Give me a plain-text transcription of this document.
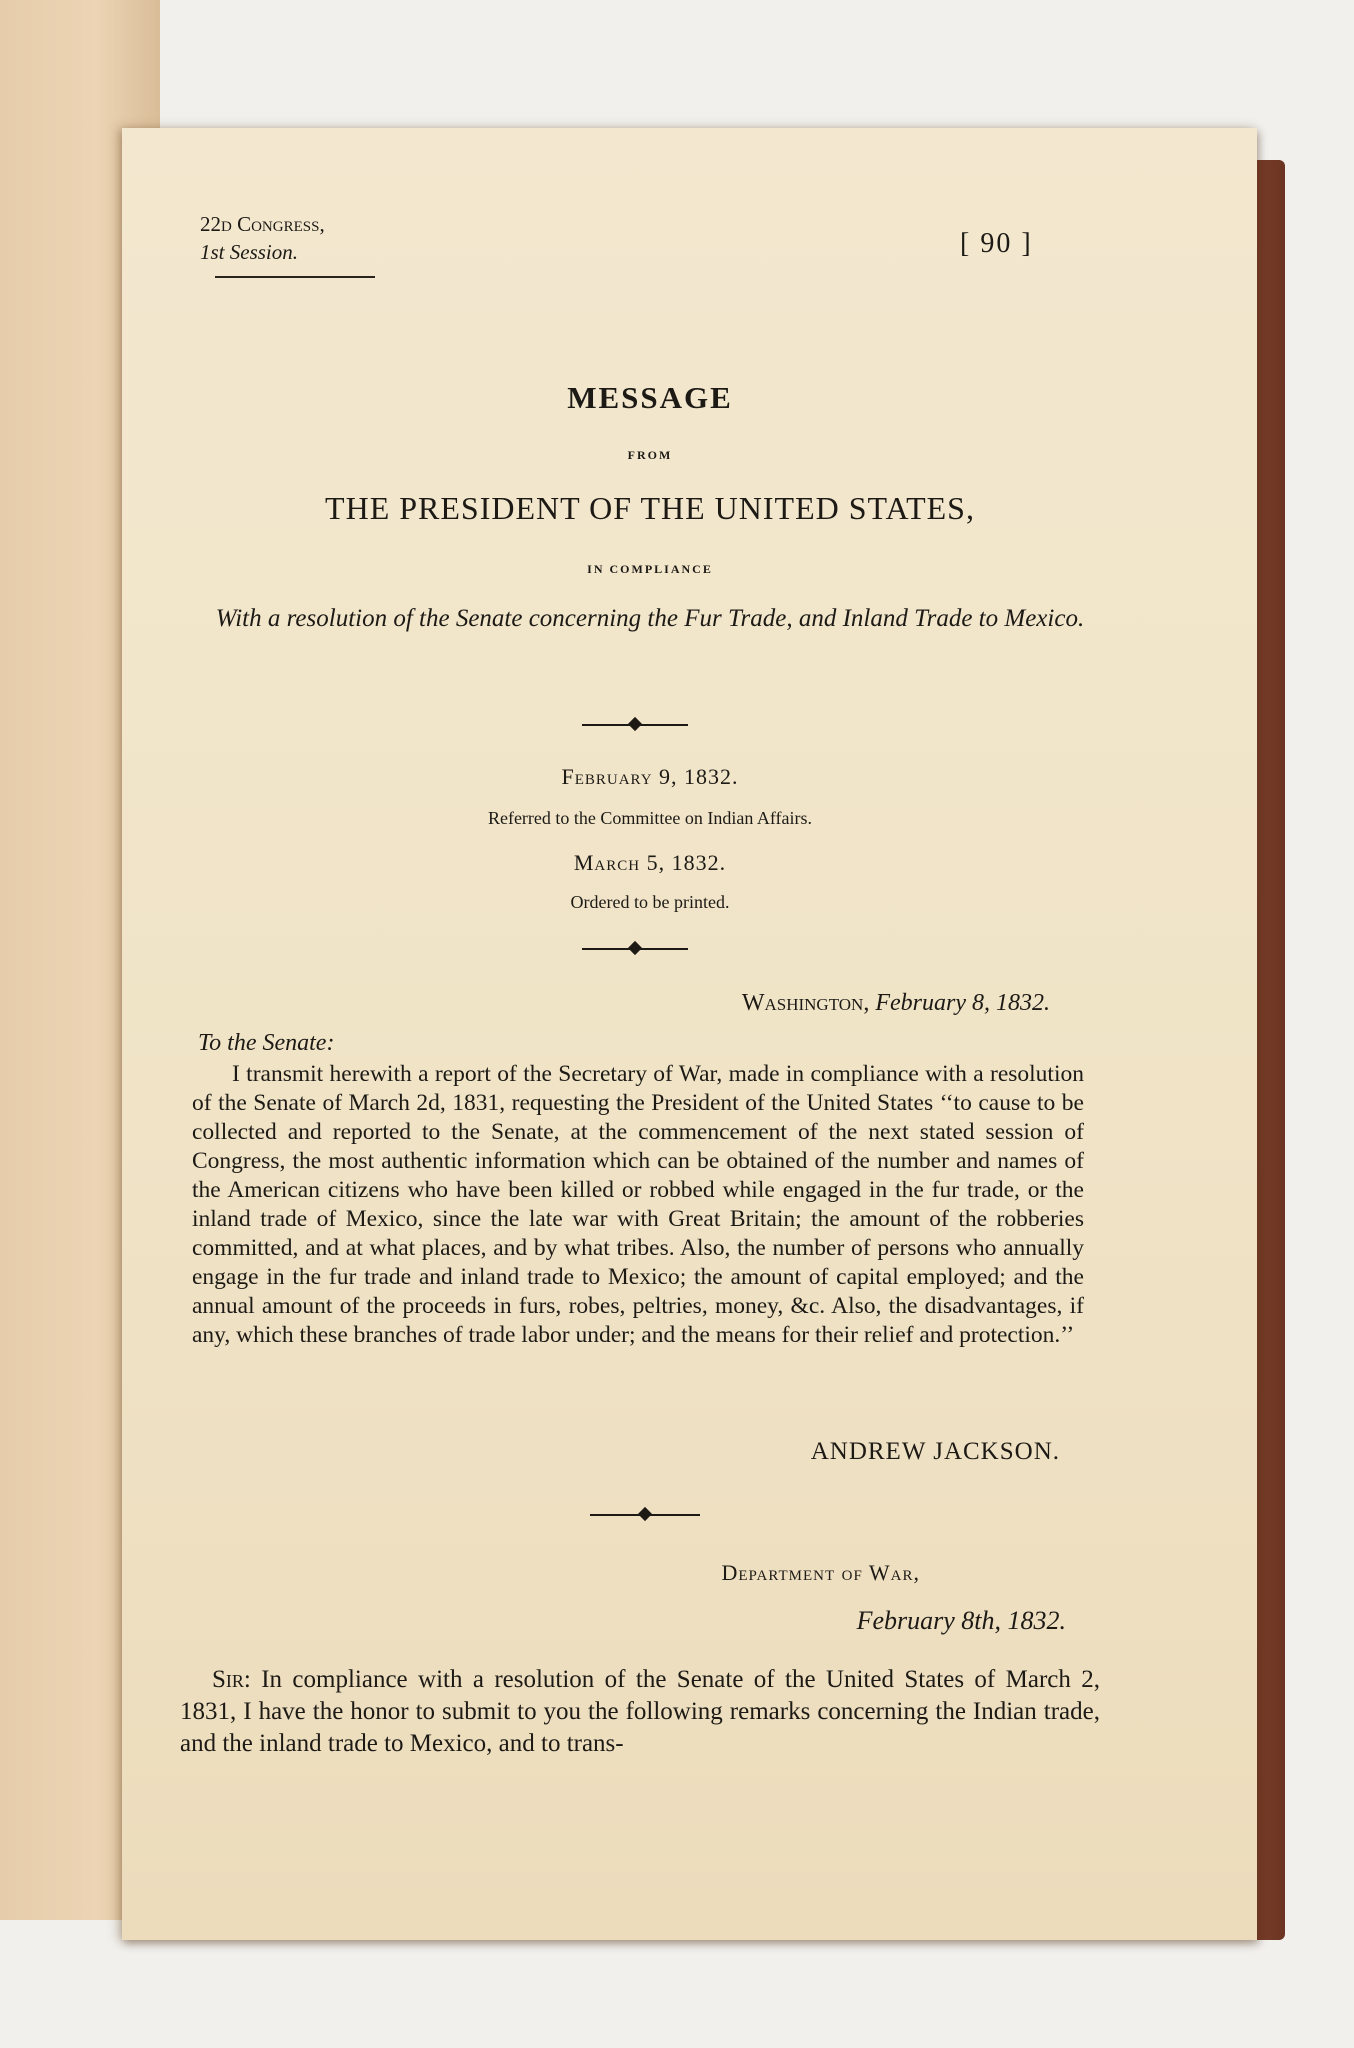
22d Congress,
1st Session.	[ 90 ]
MESSAGE
FROM
THE PRESIDENT OF THE UNITED STATES,
IN COMPLIANCE
With a resolution of the Senate concerning the Fur Trade, and Inland Trade to Mexico.
February 9, 1832.
Referred to the Committee on Indian Affairs.
March 5, 1832.
Ordered to be printed.
Washington, February 8, 1832.
To the Senate:
I transmit herewith a report of the Secretary of War, made in compliance with a resolution of the Senate of March 2d, 1831, requesting the President of the United States ‘‘to cause to be collected and reported to the Senate, at the commencement of the next stated session of Congress, the most authentic information which can be obtained of the number and names of the American citizens who have been killed or robbed while engaged in the fur trade, or the inland trade of Mexico, since the late war with Great Britain; the amount of the robberies committed, and at what places, and by what tribes. Also, the number of persons who annually engage in the fur trade and inland trade to Mexico; the amount of capital employed; and the annual amount of the proceeds in furs, robes, peltries, money, &c. Also, the disadvantages, if any, which these branches of trade labor under; and the means for their relief and protection.’’
ANDREW JACKSON.
Department of War,
February 8th, 1832.
Sir: In compliance with a resolution of the Senate of the United States of March 2, 1831, I have the honor to submit to you the following remarks concerning the Indian trade, and the inland trade to Mexico, and to trans-
